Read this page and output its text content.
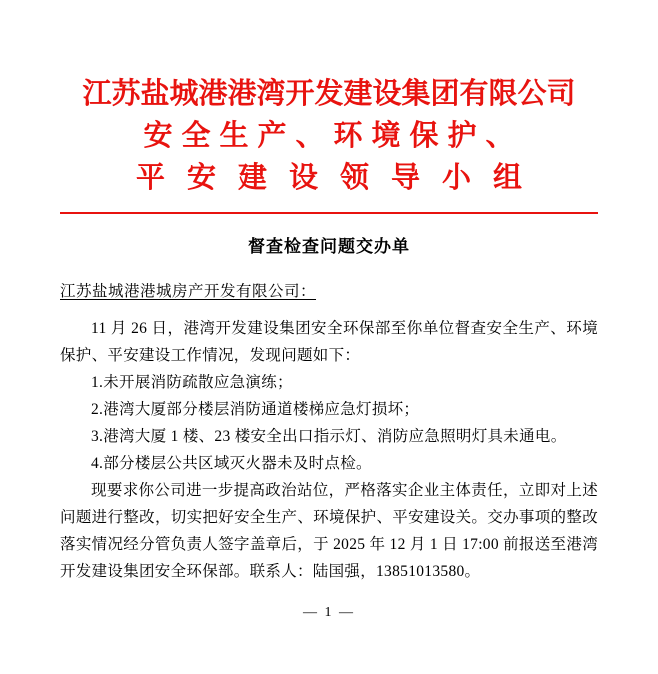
江苏盐城港港湾开发建设集团有限公司
安全生产、环境保护、
平安建设领导小组
督查检查问题交办单
江苏盐城港港城房产开发有限公司：

11 月 26 日，港湾开发建设集团安全环保部至你单位督查安全生产、环境保护、平安建设工作情况，发现问题如下：

1.未开展消防疏散应急演练；

2.港湾大厦部分楼层消防通道楼梯应急灯损坏；

3.港湾大厦 1 楼、23 楼安全出口指示灯、消防应急照明灯具未通电。

4.部分楼层公共区域灭火器未及时点检。

现要求你公司进一步提高政治站位，严格落实企业主体责任，立即对上述问题进行整改，切实把好安全生产、环境保护、平安建设关。交办事项的整改落实情况经分管负责人签字盖章后，于 2025 年 12 月 1 日 17:00 前报送至港湾开发建设集团安全环保部。联系人：陆国强，13851013580。

— 1 —
